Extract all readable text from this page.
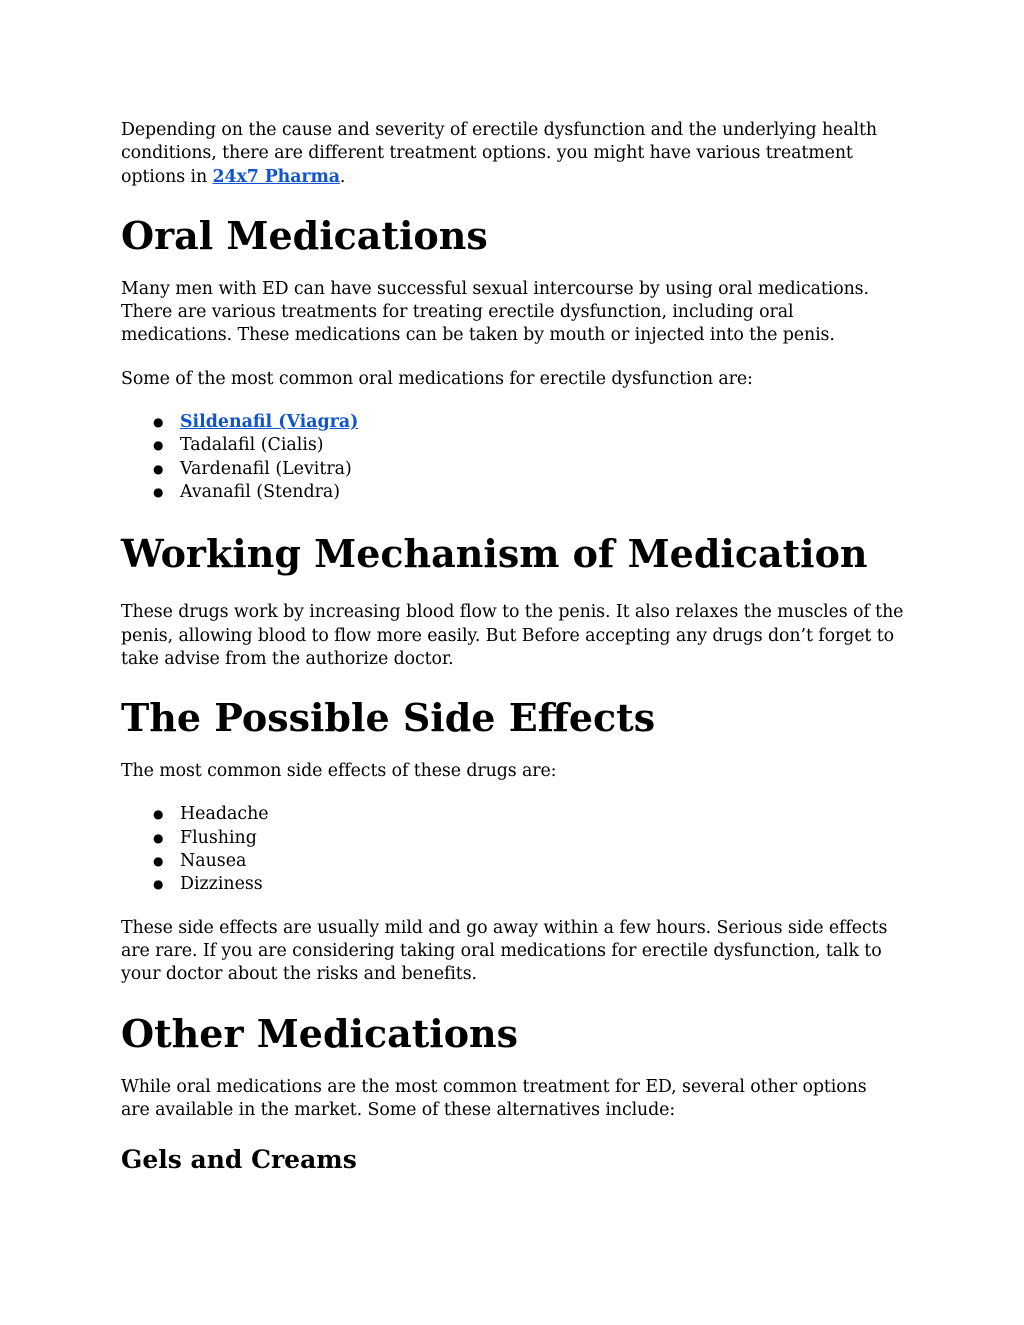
Depending on the cause and severity of erectile dysfunction and the underlying health conditions, there are different treatment options. you might have various treatment options in 24x7 Pharma.

Oral Medications

Many men with ED can have successful sexual intercourse by using oral medications. There are various treatments for treating erectile dysfunction, including oral medications. These medications can be taken by mouth or injected into the penis.

Some of the most common oral medications for erectile dysfunction are:

● Sildenafil (Viagra)
● Tadalafil (Cialis)
● Vardenafil (Levitra)
● Avanafil (Stendra)
Working Mechanism of Medication

These drugs work by increasing blood flow to the penis. It also relaxes the muscles of the penis, allowing blood to flow more easily. But Before accepting any drugs don’t forget to take advise from the authorize doctor.

The Possible Side Effects

The most common side effects of these drugs are:

● Headache
● Flushing
● Nausea
● Dizziness

These side effects are usually mild and go away within a few hours. Serious side effects are rare. If you are considering taking oral medications for erectile dysfunction, talk to your doctor about the risks and benefits.

Other Medications

While oral medications are the most common treatment for ED, several other options are available in the market. Some of these alternatives include:

Gels and Creams
